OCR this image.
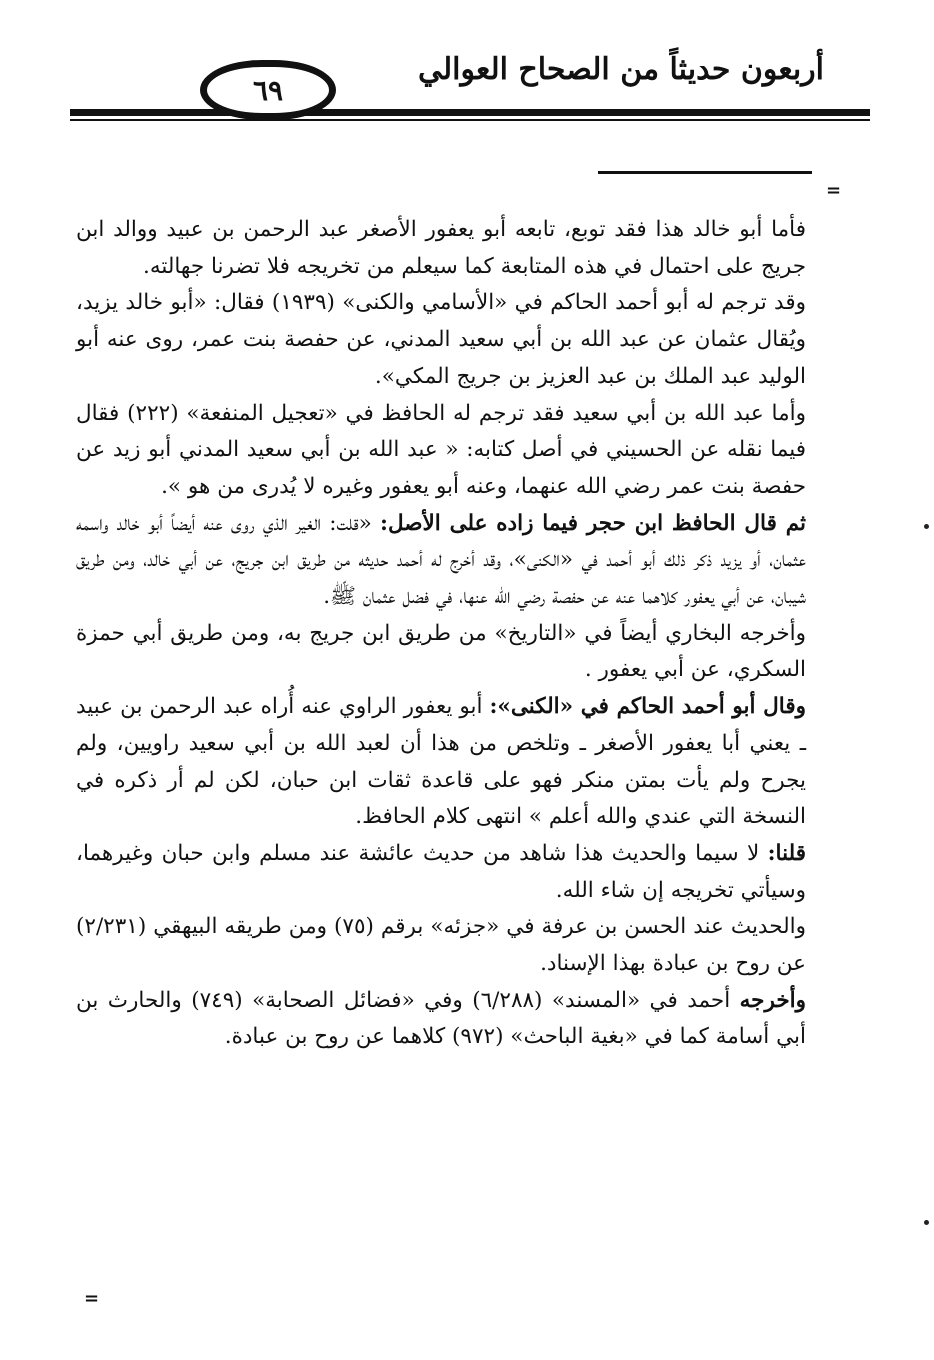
أربعون حديثاً من الصحاح العوالي
٦٩
=

فأما أبو خالد هذا فقد توبع، تابعه أبو يعفور الأصغر عبد الرحمن بن عبيد ووالد ابن جريج على احتمال في هذه المتابعة كما سيعلم من تخريجه فلا تضرنا جهالته.

وقد ترجم له أبو أحمد الحاكم في «الأسامي والكنى» (١٩٣٩) فقال: «أبو خالد يزيد، ويُقال عثمان عن عبد الله بن أبي سعيد المدني، عن حفصة بنت عمر، روى عنه أبو الوليد عبد الملك بن عبد العزيز بن جريج المكي».

وأما عبد الله بن أبي سعيد فقد ترجم له الحافظ في «تعجيل المنفعة» (٢٢٢) فقال فيما نقله عن الحسيني في أصل كتابه: « عبد الله بن أبي سعيد المدني أبو زيد عن حفصة بنت عمر رضي الله عنهما، وعنه أبو يعفور وغيره لا يُدرى من هو ».

ثم قال الحافظ ابن حجر فيما زاده على الأصل: «قلت: الغير الذي روى عنه أيضاً أبو خالد واسمه عثمان، أو يزيد ذكر ذلك أبو أحمد في «الكنى»، وقد أخرج له أحمد حديثه من طريق ابن جريج، عن أبي خالد، ومن طريق شيبان، عن أبي يعفور كلاهما عنه عن حفصة رضي الله عنها، في فضل عثمان ﷺ.

وأخرجه البخاري أيضاً في «التاريخ» من طريق ابن جريج به، ومن طريق أبي حمزة السكري، عن أبي يعفور .

وقال أبو أحمد الحاكم في «الكنى»: أبو يعفور الراوي عنه أُراه عبد الرحمن بن عبيد ـ يعني أبا يعفور الأصغر ـ وتلخص من هذا أن لعبد الله بن أبي سعيد راويين، ولم يجرح ولم يأت بمتن منكر فهو على قاعدة ثقات ابن حبان، لكن لم أر ذكره في النسخة التي عندي والله أعلم » انتهى كلام الحافظ.

قلنا: لا سيما والحديث هذا شاهد من حديث عائشة عند مسلم وابن حبان وغيرهما، وسيأتي تخريجه إن شاء الله.

والحديث عند الحسن بن عرفة في «جزئه» برقم (٧٥) ومن طريقه البيهقي (٢/٢٣١) عن روح بن عبادة بهذا الإسناد.

وأخرجه أحمد في «المسند» (٦/٢٨٨) وفي «فضائل الصحابة» (٧٤٩) والحارث بن أبي أسامة كما في «بغية الباحث» (٩٧٢) كلاهما عن روح بن عبادة.

=
